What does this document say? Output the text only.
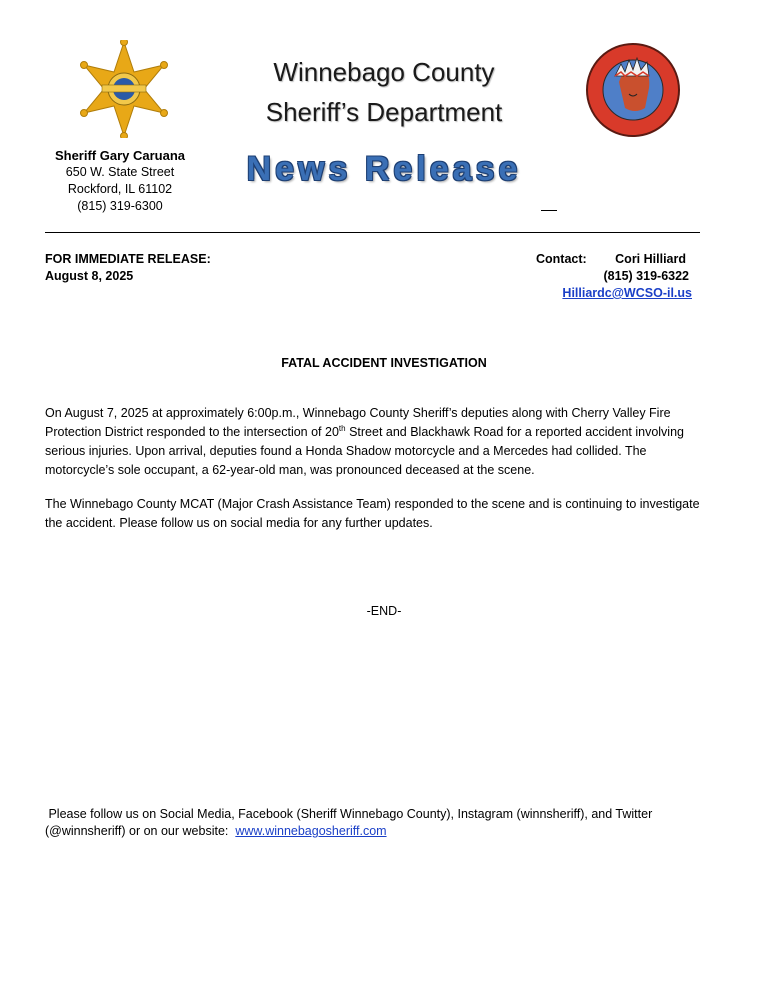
Winnebago County
Sheriff’s Department
News Release
Sheriff Gary Caruana
650 W. State Street
Rockford, IL 61102
(815) 319-6300
FOR IMMEDIATE RELEASE:
August 8, 2025
Contact:	Cori Hilliard
(815) 319-6322
Hilliardc@WCSO-il.us
FATAL ACCIDENT INVESTIGATION
On August 7, 2025 at approximately 6:00p.m., Winnebago County Sheriff’s deputies along with Cherry Valley Fire
Protection District responded to the intersection of 20th Street and Blackhawk Road for a reported accident involving
serious injuries. Upon arrival, deputies found a Honda Shadow motorcycle and a Mercedes had collided. The
motorcycle’s sole occupant, a 62-year-old man, was pronounced deceased at the scene.
The Winnebago County MCAT (Major Crash Assistance Team) responded to the scene and is continuing to investigate
the accident. Please follow us on social media for any further updates.
-END-
Please follow us on Social Media, Facebook (Sheriff Winnebago County), Instagram (winnsheriff), and Twitter
(@winnsheriff) or on our website:  www.winnebagosheriff.com
